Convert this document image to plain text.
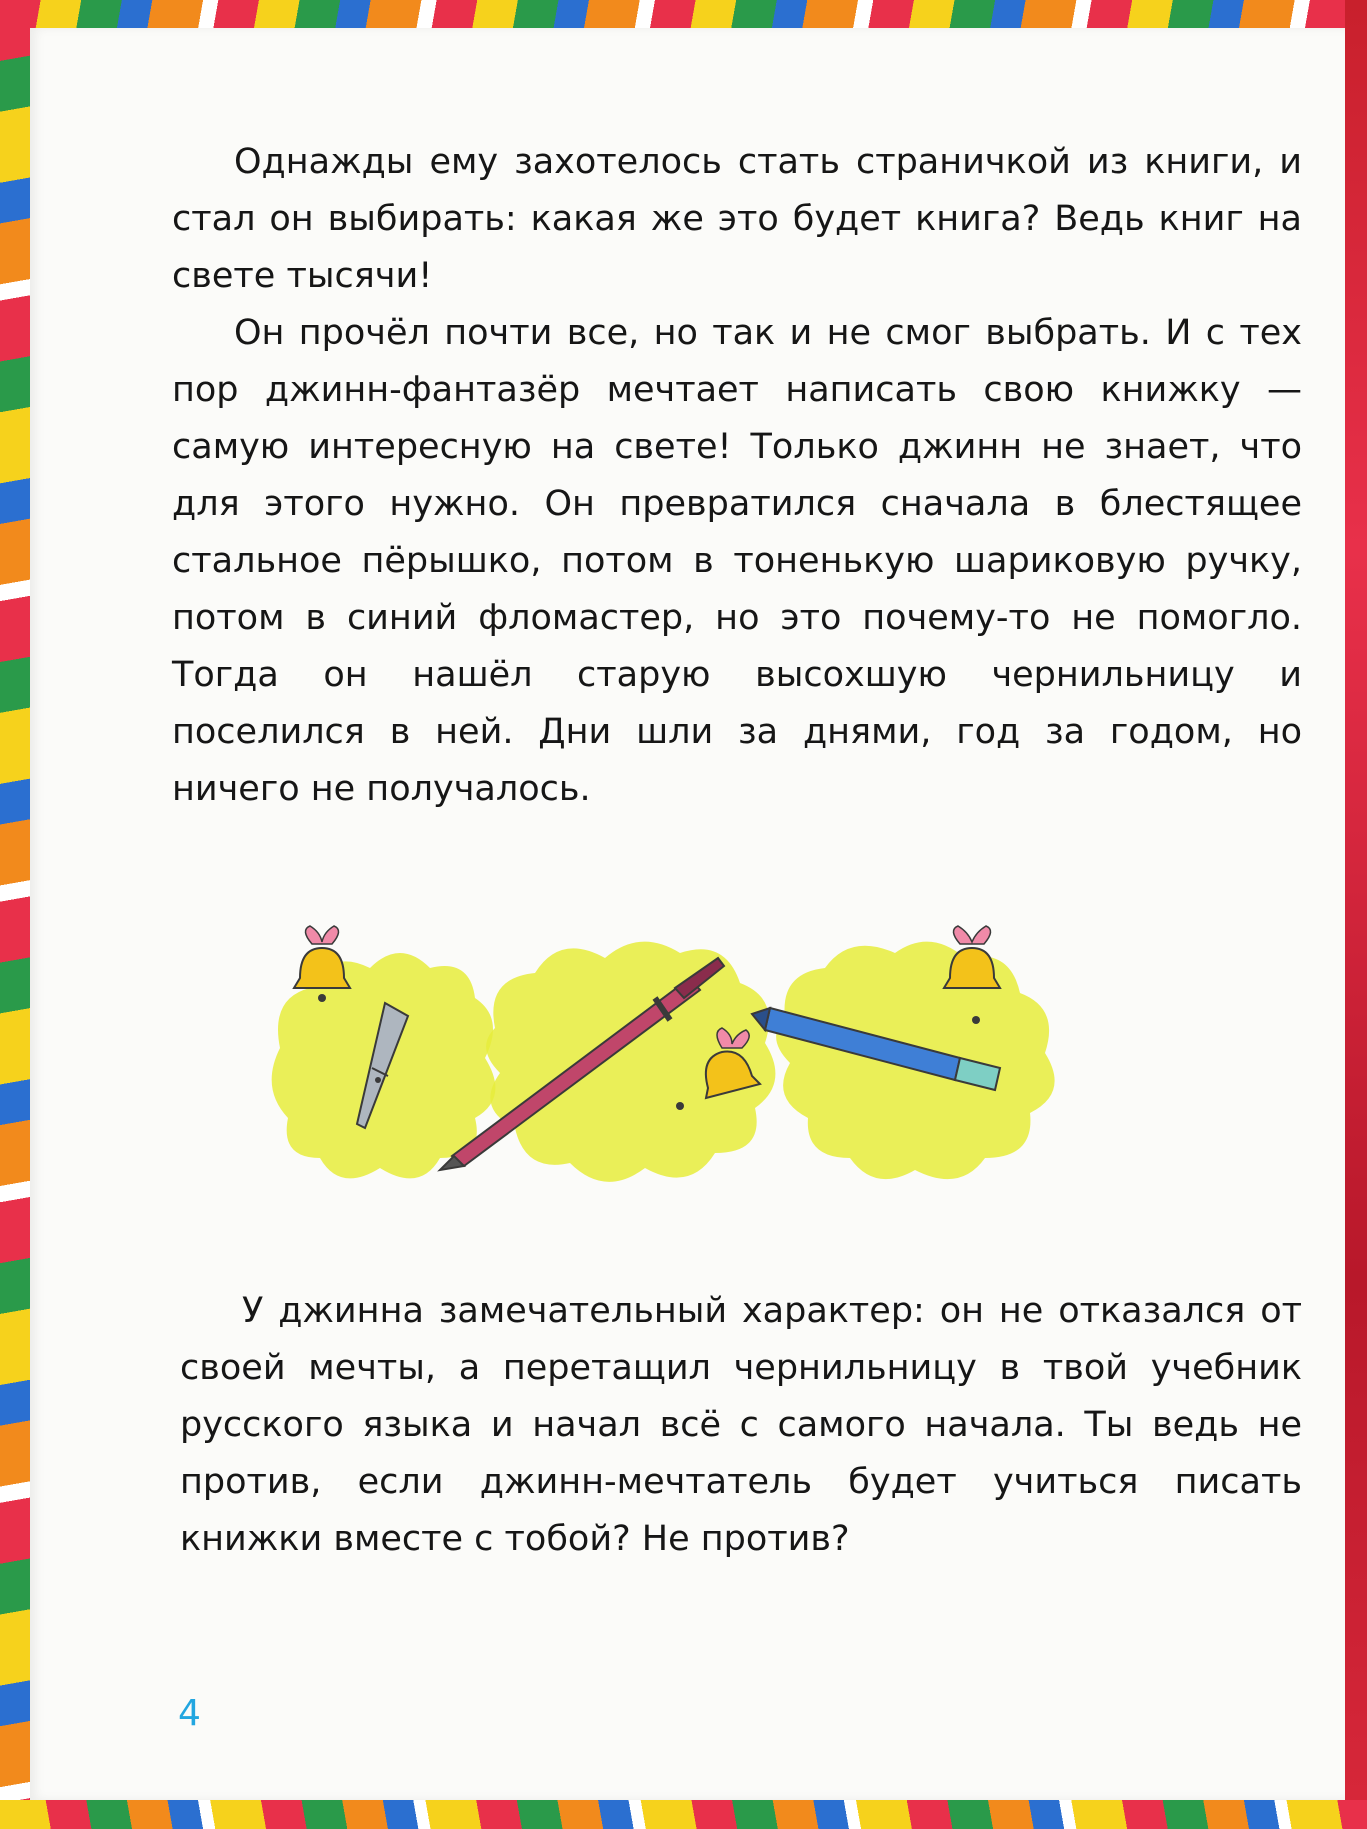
Однажды ему захотелось стать страничкой из книги, и стал он выбирать: какая же это будет книга? Ведь книг на свете тысячи!

Он прочёл почти все, но так и не смог выбрать. И с тех пор джинн-фантазёр мечтает написать свою книжку — самую интересную на свете! Только джинн не знает, что для этого нужно. Он превратился сначала в блестящее стальное пёрышко, потом в тоненькую шариковую ручку, потом в синий фломастер, но это почему-то не помогло. Тогда он нашёл старую высохшую чернильницу и поселился в ней. Дни шли за днями, год за годом, но ничего не получалось.

У джинна замечательный характер: он не отказался от своей мечты, а перетащил чернильницу в твой учебник русского языка и начал всё с самого начала. Ты ведь не против, если джинн-мечтатель будет учиться писать книжки вместе с тобой? Не против?

4
